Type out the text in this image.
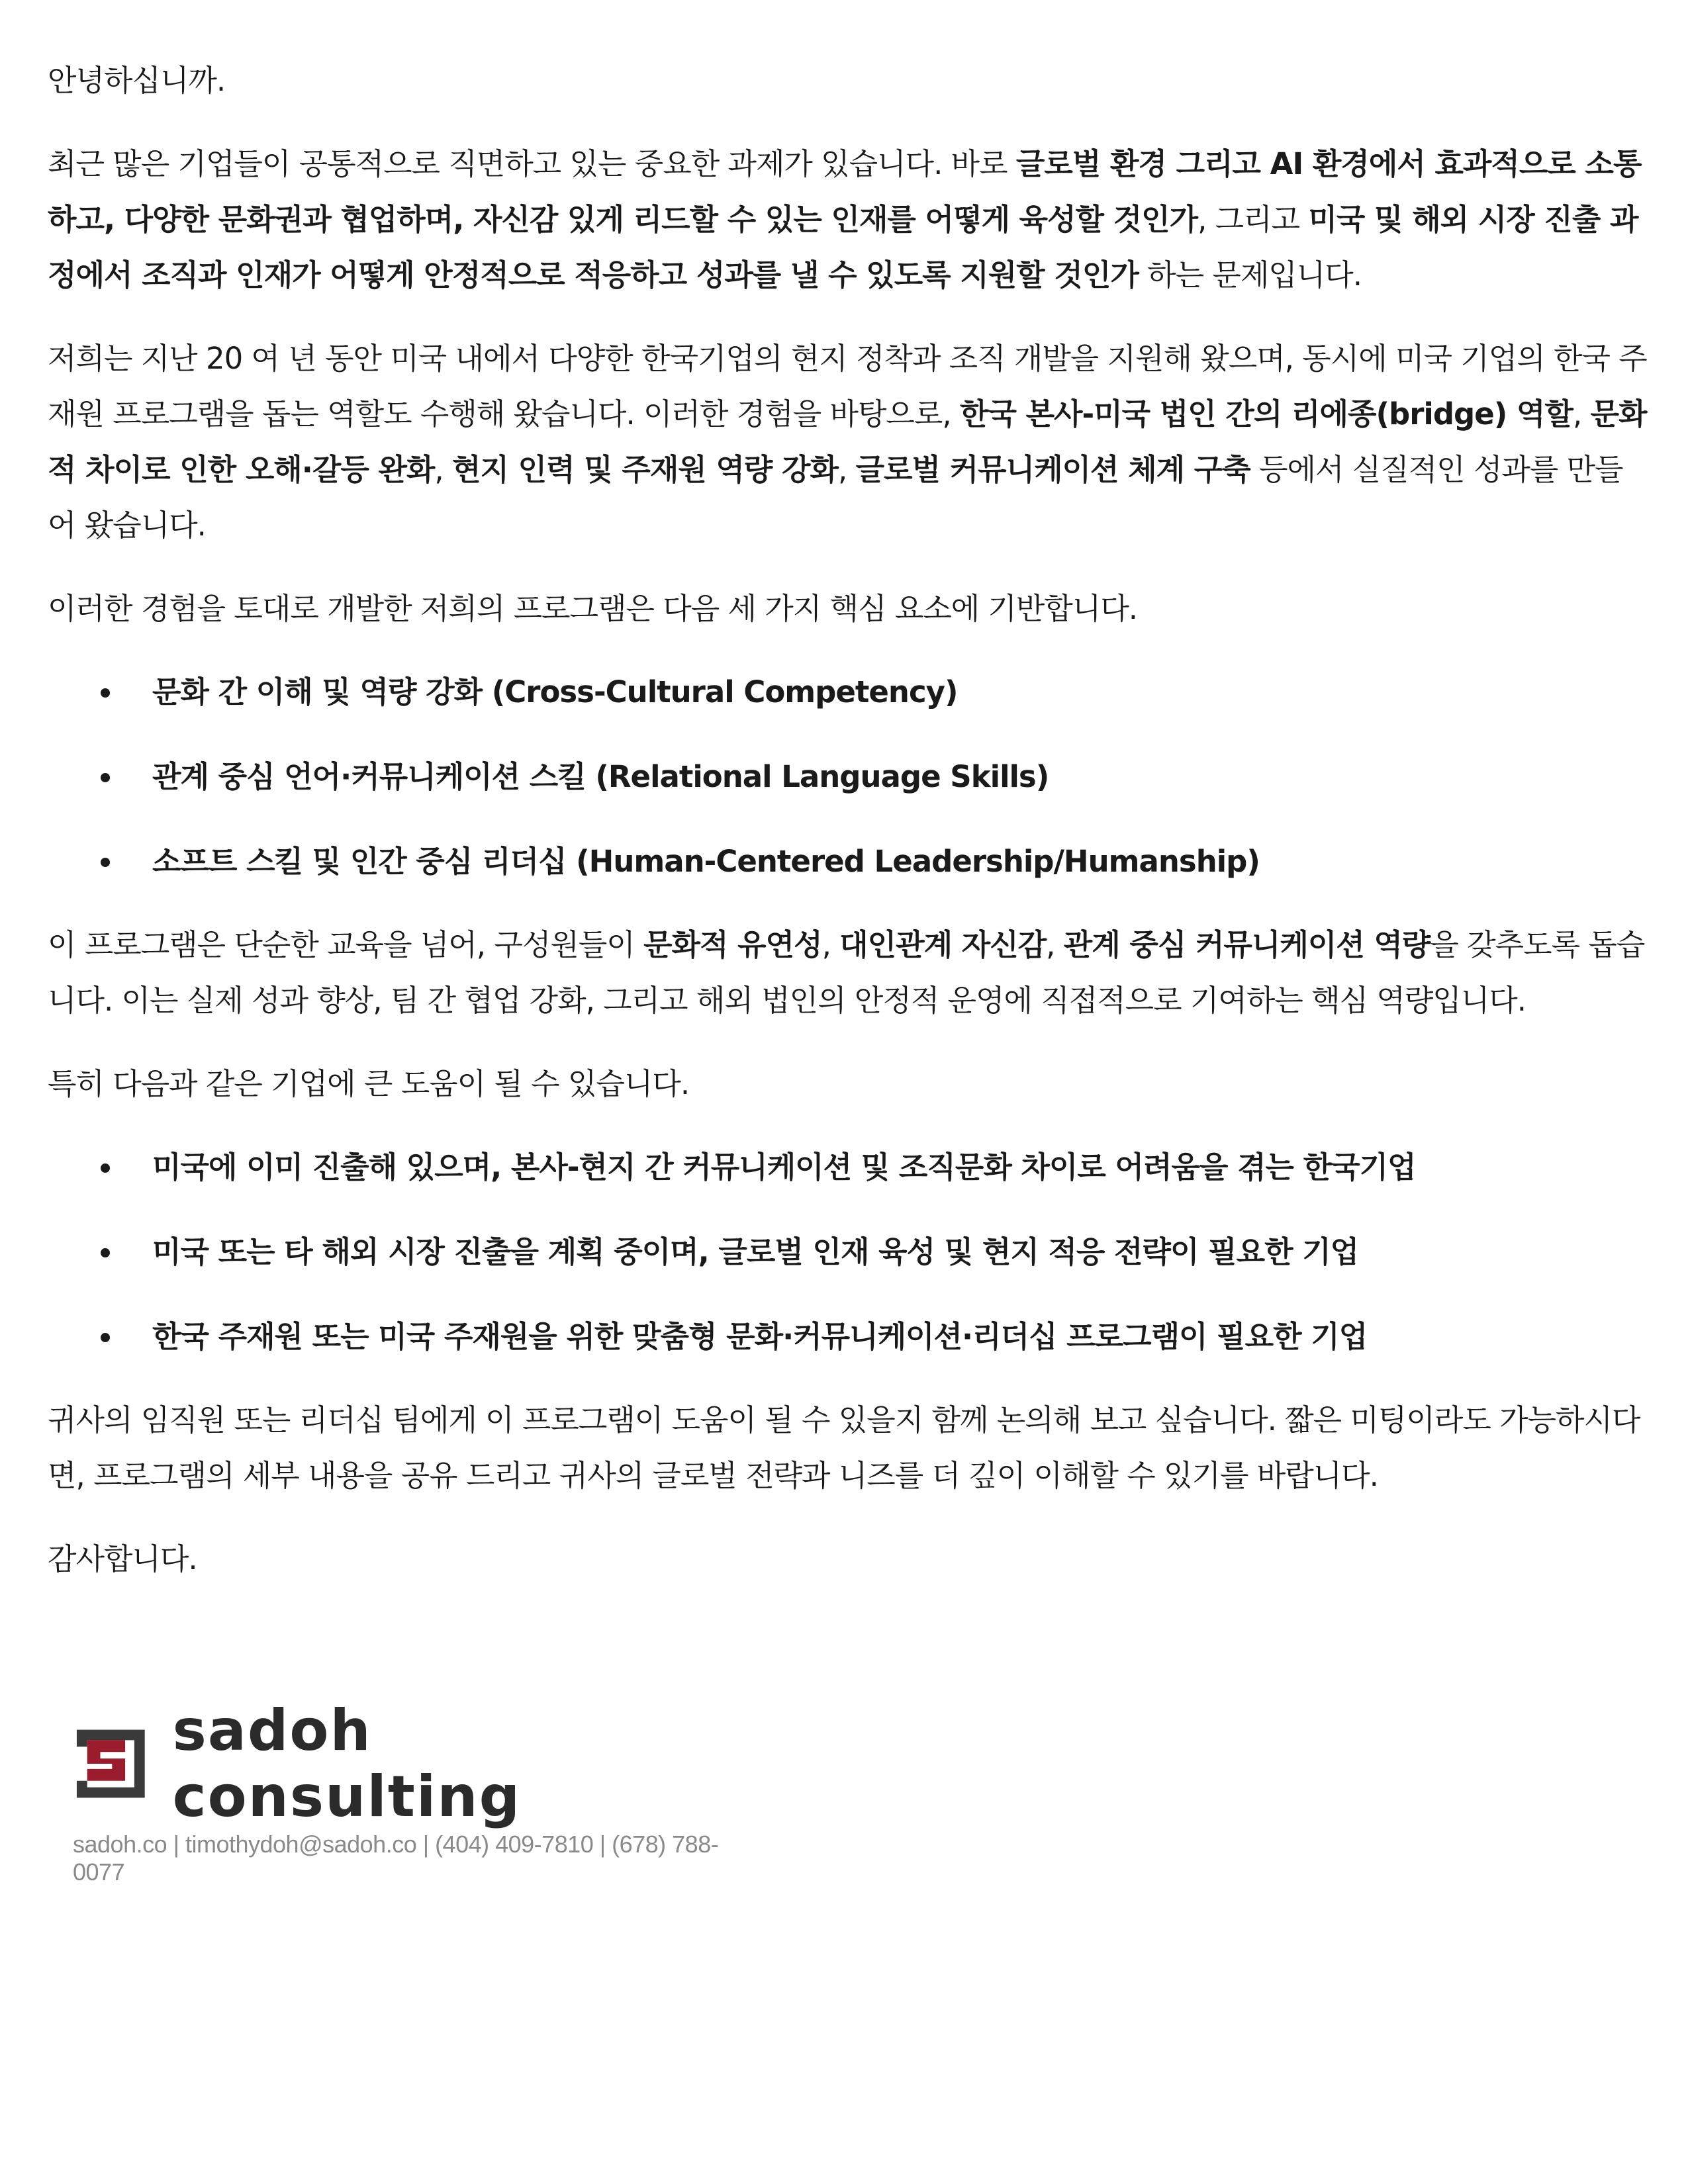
안녕하십니까.

최근 많은 기업들이 공통적으로 직면하고 있는 중요한 과제가 있습니다. 바로 글로벌 환경 그리고 AI 환경에서 효과적으로 소통하고, 다양한 문화권과 협업하며, 자신감 있게 리드할 수 있는 인재를 어떻게 육성할 것인가, 그리고 미국 및 해외 시장 진출 과정에서 조직과 인재가 어떻게 안정적으로 적응하고 성과를 낼 수 있도록 지원할 것인가 하는 문제입니다.

저희는 지난 20 여 년 동안 미국 내에서 다양한 한국기업의 현지 정착과 조직 개발을 지원해 왔으며, 동시에 미국 기업의 한국 주재원 프로그램을 돕는 역할도 수행해 왔습니다. 이러한 경험을 바탕으로, 한국 본사-미국 법인 간의 리에종(bridge) 역할, 문화적 차이로 인한 오해·갈등 완화, 현지 인력 및 주재원 역량 강화, 글로벌 커뮤니케이션 체계 구축 등에서 실질적인 성과를 만들어 왔습니다.

이러한 경험을 토대로 개발한 저희의 프로그램은 다음 세 가지 핵심 요소에 기반합니다.

문화 간 이해 및 역량 강화 (Cross-Cultural Competency)
관계 중심 언어·커뮤니케이션 스킬 (Relational Language Skills)
소프트 스킬 및 인간 중심 리더십 (Human-Centered Leadership/Humanship)

이 프로그램은 단순한 교육을 넘어, 구성원들이 문화적 유연성, 대인관계 자신감, 관계 중심 커뮤니케이션 역량을 갖추도록 돕습니다. 이는 실제 성과 향상, 팀 간 협업 강화, 그리고 해외 법인의 안정적 운영에 직접적으로 기여하는 핵심 역량입니다.

특히 다음과 같은 기업에 큰 도움이 될 수 있습니다.

미국에 이미 진출해 있으며, 본사-현지 간 커뮤니케이션 및 조직문화 차이로 어려움을 겪는 한국기업
미국 또는 타 해외 시장 진출을 계획 중이며, 글로벌 인재 육성 및 현지 적응 전략이 필요한 기업
한국 주재원 또는 미국 주재원을 위한 맞춤형 문화·커뮤니케이션·리더십 프로그램이 필요한 기업

귀사의 임직원 또는 리더십 팀에게 이 프로그램이 도움이 될 수 있을지 함께 논의해 보고 싶습니다. 짧은 미팅이라도 가능하시다면, 프로그램의 세부 내용을 공유 드리고 귀사의 글로벌 전략과 니즈를 더 깊이 이해할 수 있기를 바랍니다.

감사합니다.

sadoh consulting
sadoh.co | timothydoh@sadoh.co | (404) 409-7810 | (678) 788-0077
